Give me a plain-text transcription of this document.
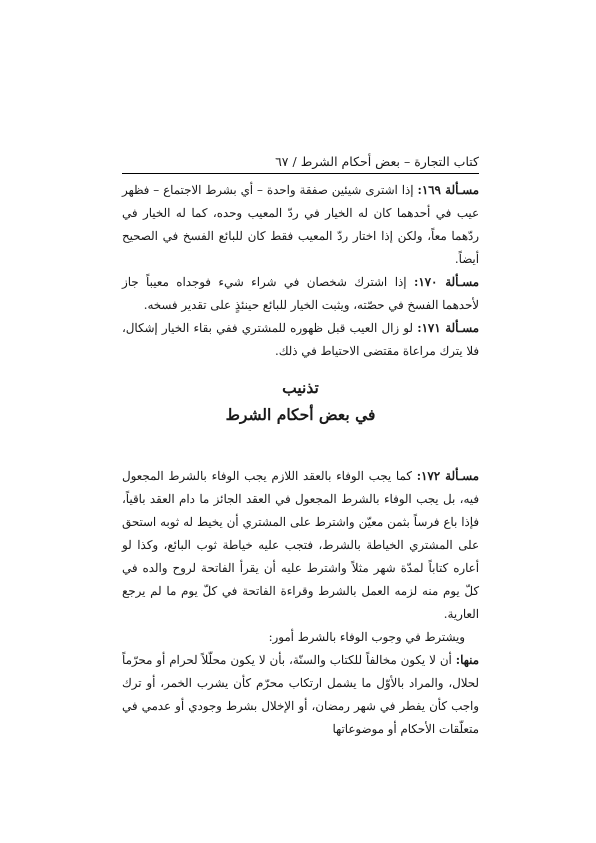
كتاب التجارة – بعض أحكام الشرط / ٦٧

مسـألة ١٦٩: إذا اشترى شيئين صفقة واحدة – أي بشرط الاجتماع – فظهر عيب في أحدهما كان له الخيار في ردّ المعيب وحده، كما له الخيار في ردّهما معاً، ولكن إذا اختار ردّ المعيب فقط كان للبائع الفسخ في الصحيح أيضاً.

مسـألة ١٧٠: إذا اشترك شخصان في شراء شيء فوجداه معيباً جاز لأحدهما الفسخ في حصّته، ويثبت الخيار للبائع حينئذٍ على تقدير فسخه.

مسـألة ١٧١: لو زال العيب قبل ظهوره للمشتري ففي بقاء الخيار إشكال، فلا يترك مراعاة مقتضى الاحتياط في ذلك.

تذنيب
في بعض أحكام الشرط

مسـألة ١٧٢: كما يجب الوفاء بالعقد اللازم يجب الوفاء بالشرط المجعول فيه، بل يجب الوفاء بالشرط المجعول في العقد الجائز ما دام العقد باقياً، فإذا باع فرساً بثمن معيّن واشترط على المشتري أن يخيط له ثوبه استحق على المشتري الخياطة بالشرط، فتجب عليه خياطة ثوب البائع، وكذا لو أعاره كتاباً لمدّة شهر مثلاً واشترط عليه أن يقرأ الفاتحة لروح والده في كلّ يوم منه لزمه العمل بالشرط وقراءة الفاتحة في كلّ يوم ما لم يرجع العارية.

ويشترط في وجوب الوفاء بالشرط أمور:

منها: أن لا يكون مخالفاً للكتاب والسنّة، بأن لا يكون محلّلاً لحرام أو محرّماً لحلال، والمراد بالأوّل ما يشمل ارتكاب محرّم كأن يشرب الخمر، أو ترك واجب كأن يفطر في شهر رمضان، أو الإخلال بشرط وجودي أو عدمي في متعلّقات الأحكام أو موضوعاتها
